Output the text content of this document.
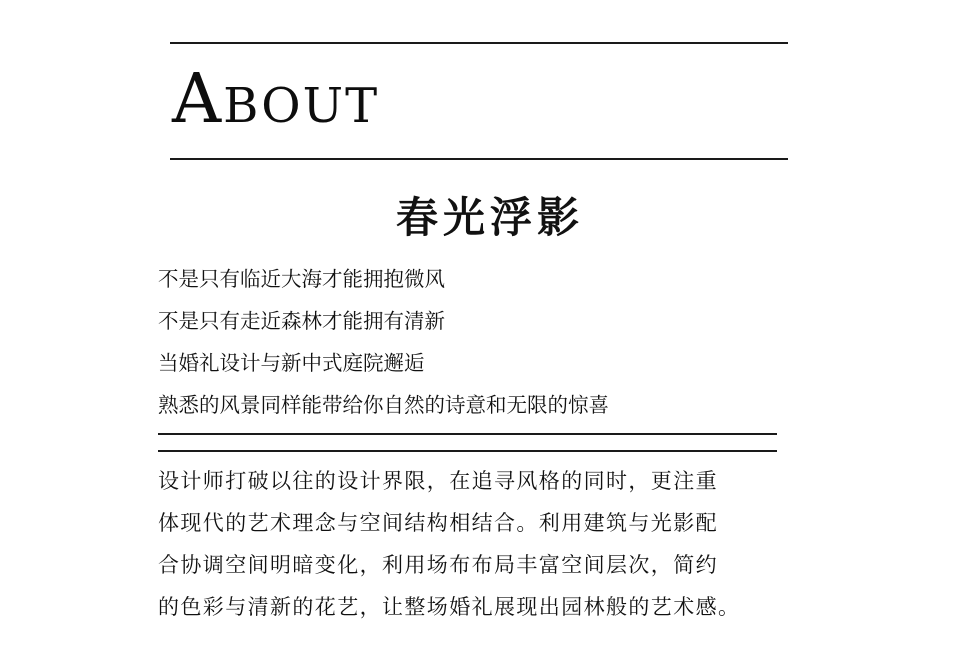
About
春光浮影
不是只有临近大海才能拥抱微风
不是只有走近森林才能拥有清新
当婚礼设计与新中式庭院邂逅
熟悉的风景同样能带给你自然的诗意和无限的惊喜
设计师打破以往的设计界限，在追寻风格的同时，更注重
体现代的艺术理念与空间结构相结合。利用建筑与光影配
合协调空间明暗变化，利用场布布局丰富空间层次，简约
的色彩与清新的花艺，让整场婚礼展现出园林般的艺术感。
